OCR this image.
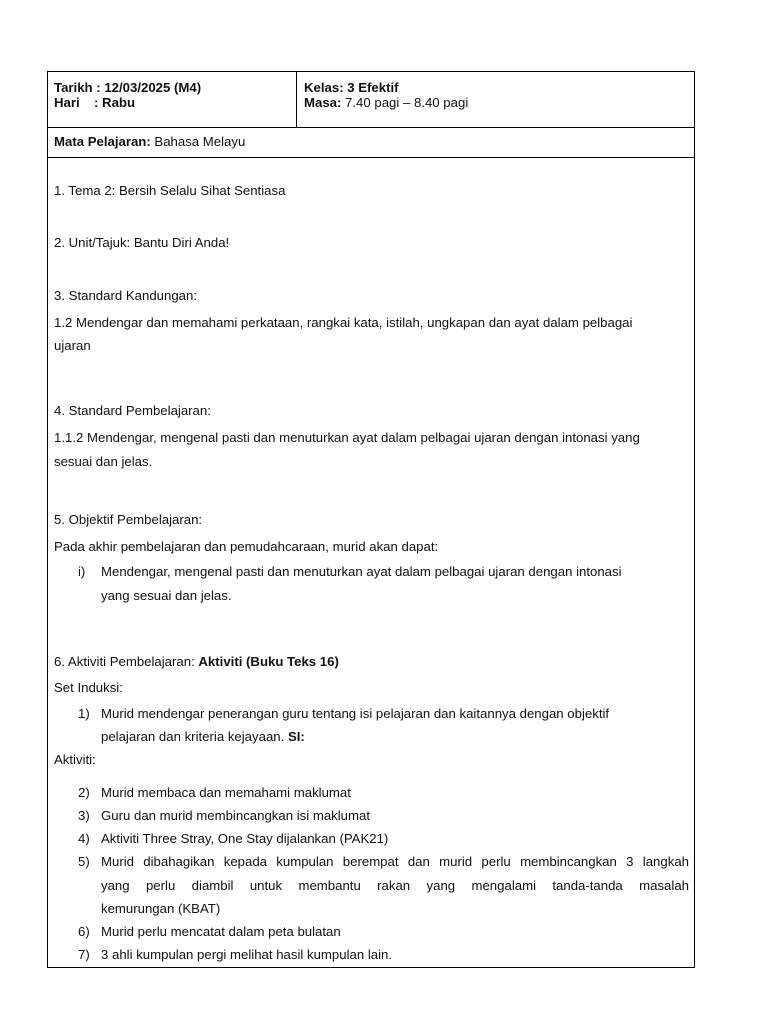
Tarikh : 12/03/2025 (M4)
Hari : Rabu
Kelas: 3 Efektif
Masa: 7.40 pagi – 8.40 pagi
Mata Pelajaran: Bahasa Melayu
1. Tema 2: Bersih Selalu Sihat Sentiasa
2. Unit/Tajuk: Bantu Diri Anda!
3. Standard Kandungan:
1.2 Mendengar dan memahami perkataan, rangkai kata, istilah, ungkapan dan ayat dalam pelbagai
ujaran
4. Standard Pembelajaran:
1.1.2 Mendengar, mengenal pasti dan menuturkan ayat dalam pelbagai ujaran dengan intonasi yang
sesuai dan jelas.
5. Objektif Pembelajaran:
Pada akhir pembelajaran dan pemudahcaraan, murid akan dapat:
i) Mendengar, mengenal pasti dan menuturkan ayat dalam pelbagai ujaran dengan intonasi
yang sesuai dan jelas.
6. Aktiviti Pembelajaran: Aktiviti (Buku Teks 16)
Set Induksi:
1) Murid mendengar penerangan guru tentang isi pelajaran dan kaitannya dengan objektif
pelajaran dan kriteria kejayaan. SI:
Aktiviti:
2) Murid membaca dan memahami maklumat
3) Guru dan murid membincangkan isi maklumat
4) Aktiviti Three Stray, One Stay dijalankan (PAK21)
5) Murid dibahagikan kepada kumpulan berempat dan murid perlu membincangkan 3 langkah
yang perlu diambil untuk membantu rakan yang mengalami tanda-tanda masalah
kemurungan (KBAT)
6) Murid perlu mencatat dalam peta bulatan
7) 3 ahli kumpulan pergi melihat hasil kumpulan lain.
